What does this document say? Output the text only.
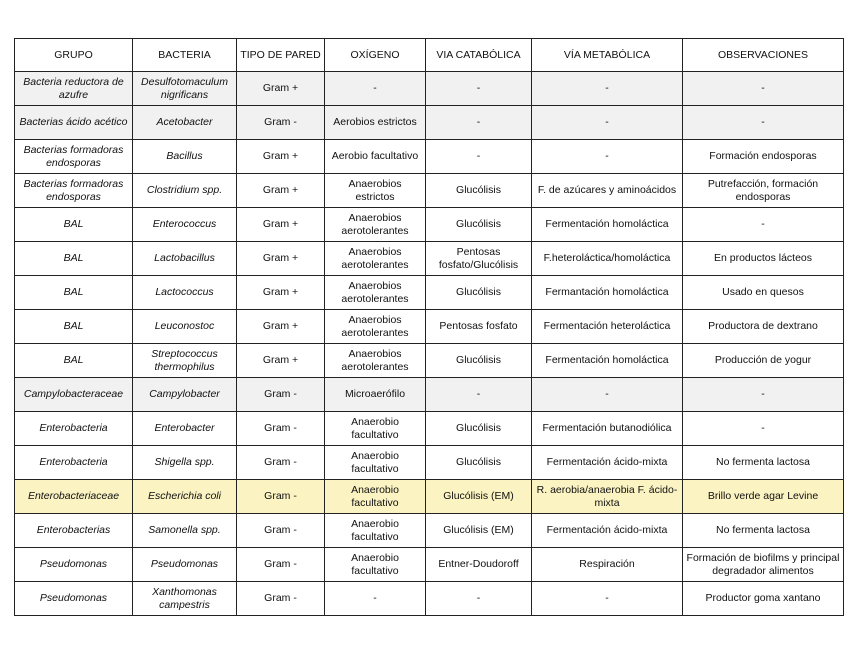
GRUPO	BACTERIA	TIPO DE PARED	OXÍGENO	VIA CATABÓLICA	VÍA METABÓLICA	OBSERVACIONES
Bacteria reductora de azufre	Desulfotomaculum nigrificans	Gram +	-	-	-	-
Bacterias ácido acético	Acetobacter	Gram -	Aerobios estrictos	-	-	-
Bacterias formadoras endosporas	Bacillus	Gram +	Aerobio facultativo	-	-	Formación endosporas
Bacterias formadoras endosporas	Clostridium spp.	Gram +	Anaerobios estrictos	Glucólisis	F. de azúcares y aminoácidos	Putrefacción, formación endosporas
BAL	Enterococcus	Gram +	Anaerobios aerotolerantes	Glucólisis	Fermentación homoláctica	-
BAL	Lactobacillus	Gram +	Anaerobios aerotolerantes	Pentosas fosfato/Glucólisis	F.heteroláctica/homoláctica	En productos lácteos
BAL	Lactococcus	Gram +	Anaerobios aerotolerantes	Glucólisis	Fermantación homoláctica	Usado en quesos
BAL	Leuconostoc	Gram +	Anaerobios aerotolerantes	Pentosas fosfato	Fermentación heteroláctica	Productora de dextrano
BAL	Streptococcus thermophilus	Gram +	Anaerobios aerotolerantes	Glucólisis	Fermentación homoláctica	Producción de yogur
Campylobacteraceae	Campylobacter	Gram -	Microaerófilo	-	-	-
Enterobacteria	Enterobacter	Gram -	Anaerobio facultativo	Glucólisis	Fermentación butanodiólica	-
Enterobacteria	Shigella spp.	Gram -	Anaerobio facultativo	Glucólisis	Fermentación ácido-mixta	No fermenta lactosa
Enterobacteriaceae	Escherichia coli	Gram -	Anaerobio facultativo	Glucólisis (EM)	R. aerobia/anaerobia F. ácido-mixta	Brillo verde agar Levine
Enterobacterias	Samonella spp.	Gram -	Anaerobio facultativo	Glucólisis (EM)	Fermentación ácido-mixta	No fermenta lactosa
Pseudomonas	Pseudomonas	Gram -	Anaerobio facultativo	Entner-Doudoroff	Respiración	Formación de biofilms y principal degradador alimentos
Pseudomonas	Xanthomonas campestris	Gram -	-	-	-	Productor goma xantano
